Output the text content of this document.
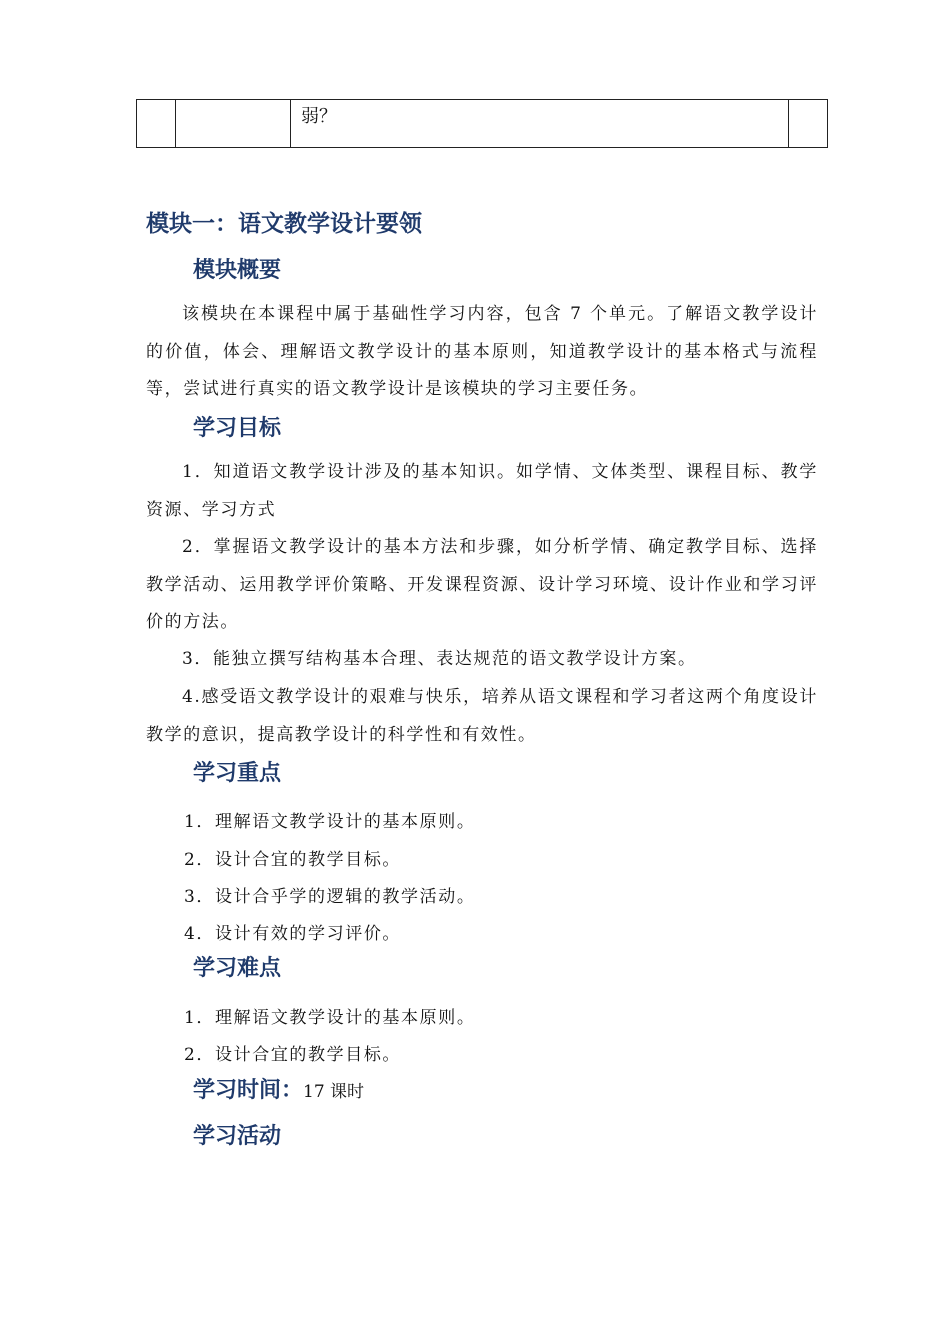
		弱？	
模块一：语文教学设计要领
模块概要

该模块在本课程中属于基础性学习内容，包含 7 个单元。了解语文教学设计的价值，体会、理解语文教学设计的基本原则，知道教学设计的基本格式与流程等，尝试进行真实的语文教学设计是该模块的学习主要任务。

学习目标

1．知道语文教学设计涉及的基本知识。如学情、文体类型、课程目标、教学资源、学习方式

2．掌握语文教学设计的基本方法和步骤，如分析学情、确定教学目标、选择教学活动、运用教学评价策略、开发课程资源、设计学习环境、设计作业和学习评价的方法。

3．能独立撰写结构基本合理、表达规范的语文教学设计方案。

4.感受语文教学设计的艰难与快乐，培养从语文课程和学习者这两个角度设计教学的意识，提高教学设计的科学性和有效性。

学习重点
1．理解语文教学设计的基本原则。
2．设计合宜的教学目标。
3．设计合乎学的逻辑的教学活动。
4．设计有效的学习评价。
学习难点
1．理解语文教学设计的基本原则。
2．设计合宜的教学目标。
学习时间：17 课时
学习活动
